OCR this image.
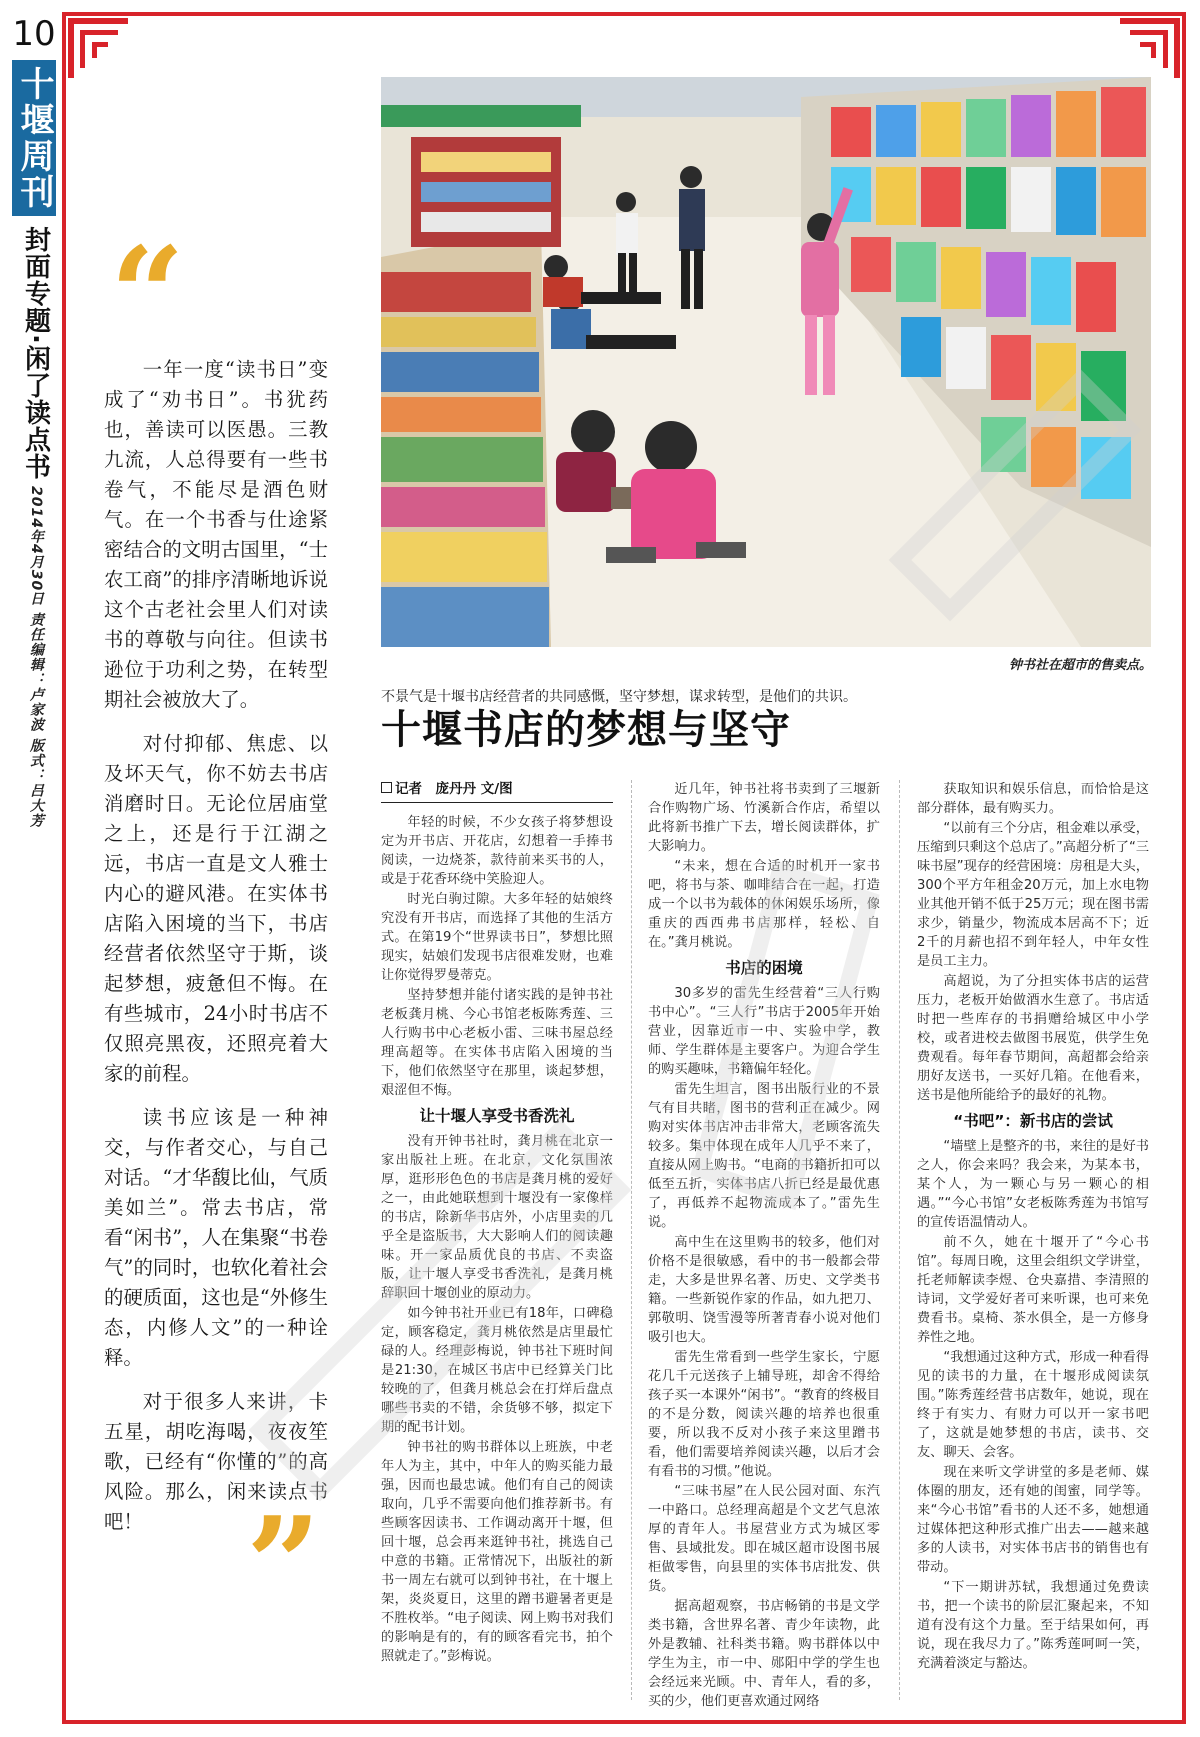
10
十堰周刊
封面专题·闲了读点书
2014年4月30日 责任编辑：卢家波 版式：吕大芳
“

一年一度“读书日”变成了“劝书日”。书犹药也，善读可以医愚。三教九流，人总得要有一些书卷气，不能尽是酒色财气。在一个书香与仕途紧密结合的文明古国里，“士农工商”的排序清晰地诉说这个古老社会里人们对读书的尊敬与向往。但读书逊位于功利之势，在转型期社会被放大了。

对付抑郁、焦虑、以及坏天气，你不妨去书店消磨时日。无论位居庙堂之上，还是行于江湖之远，书店一直是文人雅士内心的避风港。在实体书店陷入困境的当下，书店经营者依然坚守于斯，谈起梦想，疲惫但不悔。在有些城市，24小时书店不仅照亮黑夜，还照亮着大家的前程。

读书应该是一种神交，与作者交心，与自己对话。“才华馥比仙，气质美如兰”。常去书店，常看“闲书”，人在集聚“书卷气”的同时，也软化着社会的硬质面，这也是“外修生态，内修人文”的一种诠释。

对于很多人来讲，卡五星，胡吃海喝，夜夜笙歌，已经有“你懂的”的高风险。那么，闲来读点书吧！ ”
钟书社在超市的售卖点。
不景气是十堰书店经营者的共同感慨，坚守梦想，谋求转型，是他们的共识。
十堰书店的梦想与坚守
记者　庞丹丹 文/图

年轻的时候，不少女孩子将梦想设定为开书店、开花店，幻想着一手捧书阅读，一边烧茶，款待前来买书的人，或是于花香环绕中笑脸迎人。

时光白驹过隙。大多年轻的姑娘终究没有开书店，而选择了其他的生活方式。在第19个“世界读书日”，梦想比照现实，姑娘们发现书店很难发财，也难让你觉得罗曼蒂克。

坚持梦想并能付诸实践的是钟书社老板龚月桃、今心书馆老板陈秀莲、三人行购书中心老板小雷、三味书屋总经理高超等。在实体书店陷入困境的当下，他们依然坚守在那里，谈起梦想，艰涩但不悔。

让十堰人享受书香洗礼

没有开钟书社时，龚月桃在北京一家出版社上班。在北京，文化氛围浓厚，逛形形色色的书店是龚月桃的爱好之一，由此她联想到十堰没有一家像样的书店，除新华书店外，小店里卖的几乎全是盗版书，大大影响人们的阅读趣味。开一家品质优良的书店、不卖盗版，让十堰人享受书香洗礼，是龚月桃辞职回十堰创业的原动力。

如今钟书社开业已有18年，口碑稳定，顾客稳定，龚月桃依然是店里最忙碌的人。经理彭梅说，钟书社下班时间是21:30，在城区书店中已经算关门比较晚的了，但龚月桃总会在打烊后盘点哪些书卖的不错，余货够不够，拟定下期的配书计划。

钟书社的购书群体以上班族，中老年人为主，其中，中年人的购买能力最强，因而也最忠诚。他们有自己的阅读取向，几乎不需要向他们推荐新书。有些顾客因读书、工作调动离开十堰，但回十堰，总会再来逛钟书社，挑选自己中意的书籍。正常情况下，出版社的新书一周左右就可以到钟书社，在十堰上架，炎炎夏日，这里的蹭书避暑者更是不胜枚举。“电子阅读、网上购书对我们的影响是有的，有的顾客看完书，拍个照就走了。”彭梅说。

近几年，钟书社将书卖到了三堰新合作购物广场、竹溪新合作店，希望以此将新书推广下去，增长阅读群体，扩大影响力。

“未来，想在合适的时机开一家书吧，将书与茶、咖啡结合在一起，打造成一个以书为载体的休闲娱乐场所，像重庆的西西弗书店那样，轻松、自在。”龚月桃说。

书店的困境

30多岁的雷先生经营着“三人行购书中心”。“三人行”书店于2005年开始营业，因靠近市一中、实验中学，教师、学生群体是主要客户。为迎合学生的购买趣味，书籍偏年轻化。

雷先生坦言，图书出版行业的不景气有目共睹，图书的营利正在减少。网购对实体书店冲击非常大，老顾客流失较多。集中体现在成年人几乎不来了，直接从网上购书。“电商的书籍折扣可以低至五折，实体书店八折已经是最优惠了，再低养不起物流成本了。”雷先生说。

高中生在这里购书的较多，他们对价格不是很敏感，看中的书一般都会带走，大多是世界名著、历史、文学类书籍。一些新锐作家的作品，如九把刀、郭敬明、饶雪漫等所著青春小说对他们吸引也大。

雷先生常看到一些学生家长，宁愿花几千元送孩子上辅导班，却舍不得给孩子买一本课外“闲书”。“教育的终极目的不是分数，阅读兴趣的培养也很重要，所以我不反对小孩子来这里蹭书看，他们需要培养阅读兴趣，以后才会有看书的习惯。”他说。

“三味书屋”在人民公园对面、东汽一中路口。总经理高超是个文艺气息浓厚的青年人。书屋营业方式为城区零售、县域批发。即在城区超市设图书展柜做零售，向县里的实体书店批发、供货。

据高超观察，书店畅销的书是文学类书籍，含世界名著、青少年读物，此外是教辅、社科类书籍。购书群体以中学生为主，市一中、郧阳中学的学生也会经远来光顾。中、青年人，看的多，买的少，他们更喜欢通过网络

获取知识和娱乐信息，而恰恰是这部分群体，最有购买力。

“以前有三个分店，租金难以承受，压缩到只剩这个总店了。”高超分析了“三味书屋”现存的经营困境：房租是大头，300个平方年租金20万元，加上水电物业其他开销不低于25万元；现在图书需求少，销量少，物流成本居高不下；近2千的月薪也招不到年轻人，中年女性是员工主力。

高超说，为了分担实体书店的运营压力，老板开始做酒水生意了。书店适时把一些库存的书捐赠给城区中小学校，或者进校去做图书展览，供学生免费观看。每年春节期间，高超都会给亲朋好友送书，一买好几箱。在他看来，送书是他所能给予的最好的礼物。

“书吧”：新书店的尝试

“墙壁上是整齐的书，来往的是好书之人，你会来吗？我会来，为某本书，某个人，为一颗心与另一颗心的相遇。”“今心书馆”女老板陈秀莲为书馆写的宣传语温情动人。

前不久，她在十堰开了“今心书馆”。每周日晚，这里会组织文学讲堂，托老师解读李煜、仓央嘉措、李清照的诗词，文学爱好者可来听课，也可来免费看书。桌椅、茶水俱全，是一方修身养性之地。

“我想通过这种方式，形成一种看得见的读书的力量，在十堰形成阅读氛围。”陈秀莲经营书店数年，她说，现在终于有实力、有财力可以开一家书吧了，这就是她梦想的书店，读书、交友、聊天、会客。

现在来听文学讲堂的多是老师、媒体圈的朋友，还有她的闺蜜，同学等。来“今心书馆”看书的人还不多，她想通过媒体把这种形式推广出去——越来越多的人读书，对实体书店书的销售也有带动。

“下一期讲苏轼，我想通过免费读书，把一个读书的阶层汇聚起来，不知道有没有这个力量。至于结果如何，再说，现在我尽力了。”陈秀莲呵呵一笑，充满着淡定与豁达。
